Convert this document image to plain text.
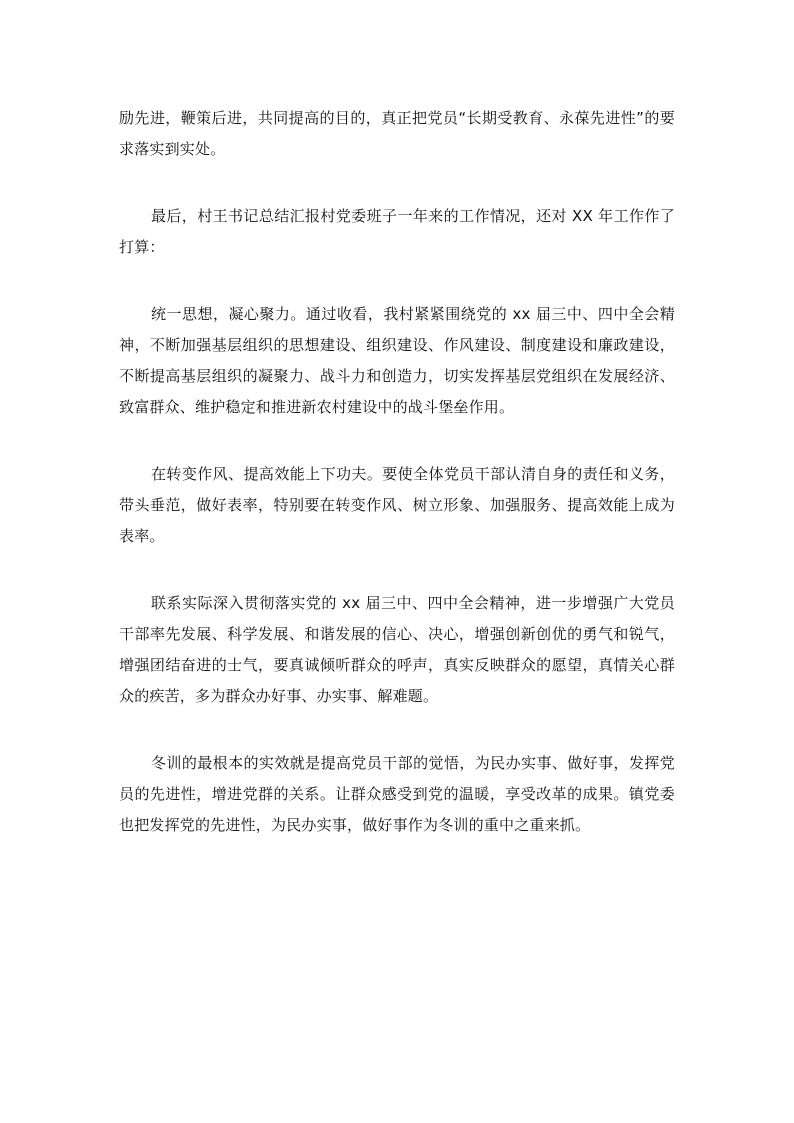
励先进，鞭策后进，共同提高的目的，真正把党员“长期受教育、永葆先进性”的要求落实到实处。

最后，村王书记总结汇报村党委班子一年来的工作情况，还对 XX 年工作作了打算：

统一思想，凝心聚力。通过收看，我村紧紧围绕党的 xx 届三中、四中全会精神，不断加强基层组织的思想建设、组织建设、作风建设、制度建设和廉政建设，不断提高基层组织的凝聚力、战斗力和创造力，切实发挥基层党组织在发展经济、致富群众、维护稳定和推进新农村建设中的战斗堡垒作用。

在转变作风、提高效能上下功夫。要使全体党员干部认清自身的责任和义务，带头垂范，做好表率，特别要在转变作风、树立形象、加强服务、提高效能上成为表率。

联系实际深入贯彻落实党的 xx 届三中、四中全会精神，进一步增强广大党员干部率先发展、科学发展、和谐发展的信心、决心，增强创新创优的勇气和锐气，增强团结奋进的士气，要真诚倾听群众的呼声，真实反映群众的愿望，真情关心群众的疾苦，多为群众办好事、办实事、解难题。

冬训的最根本的实效就是提高党员干部的觉悟，为民办实事、做好事，发挥党员的先进性，增进党群的关系。让群众感受到党的温暖，享受改革的成果。镇党委也把发挥党的先进性，为民办实事，做好事作为冬训的重中之重来抓。
